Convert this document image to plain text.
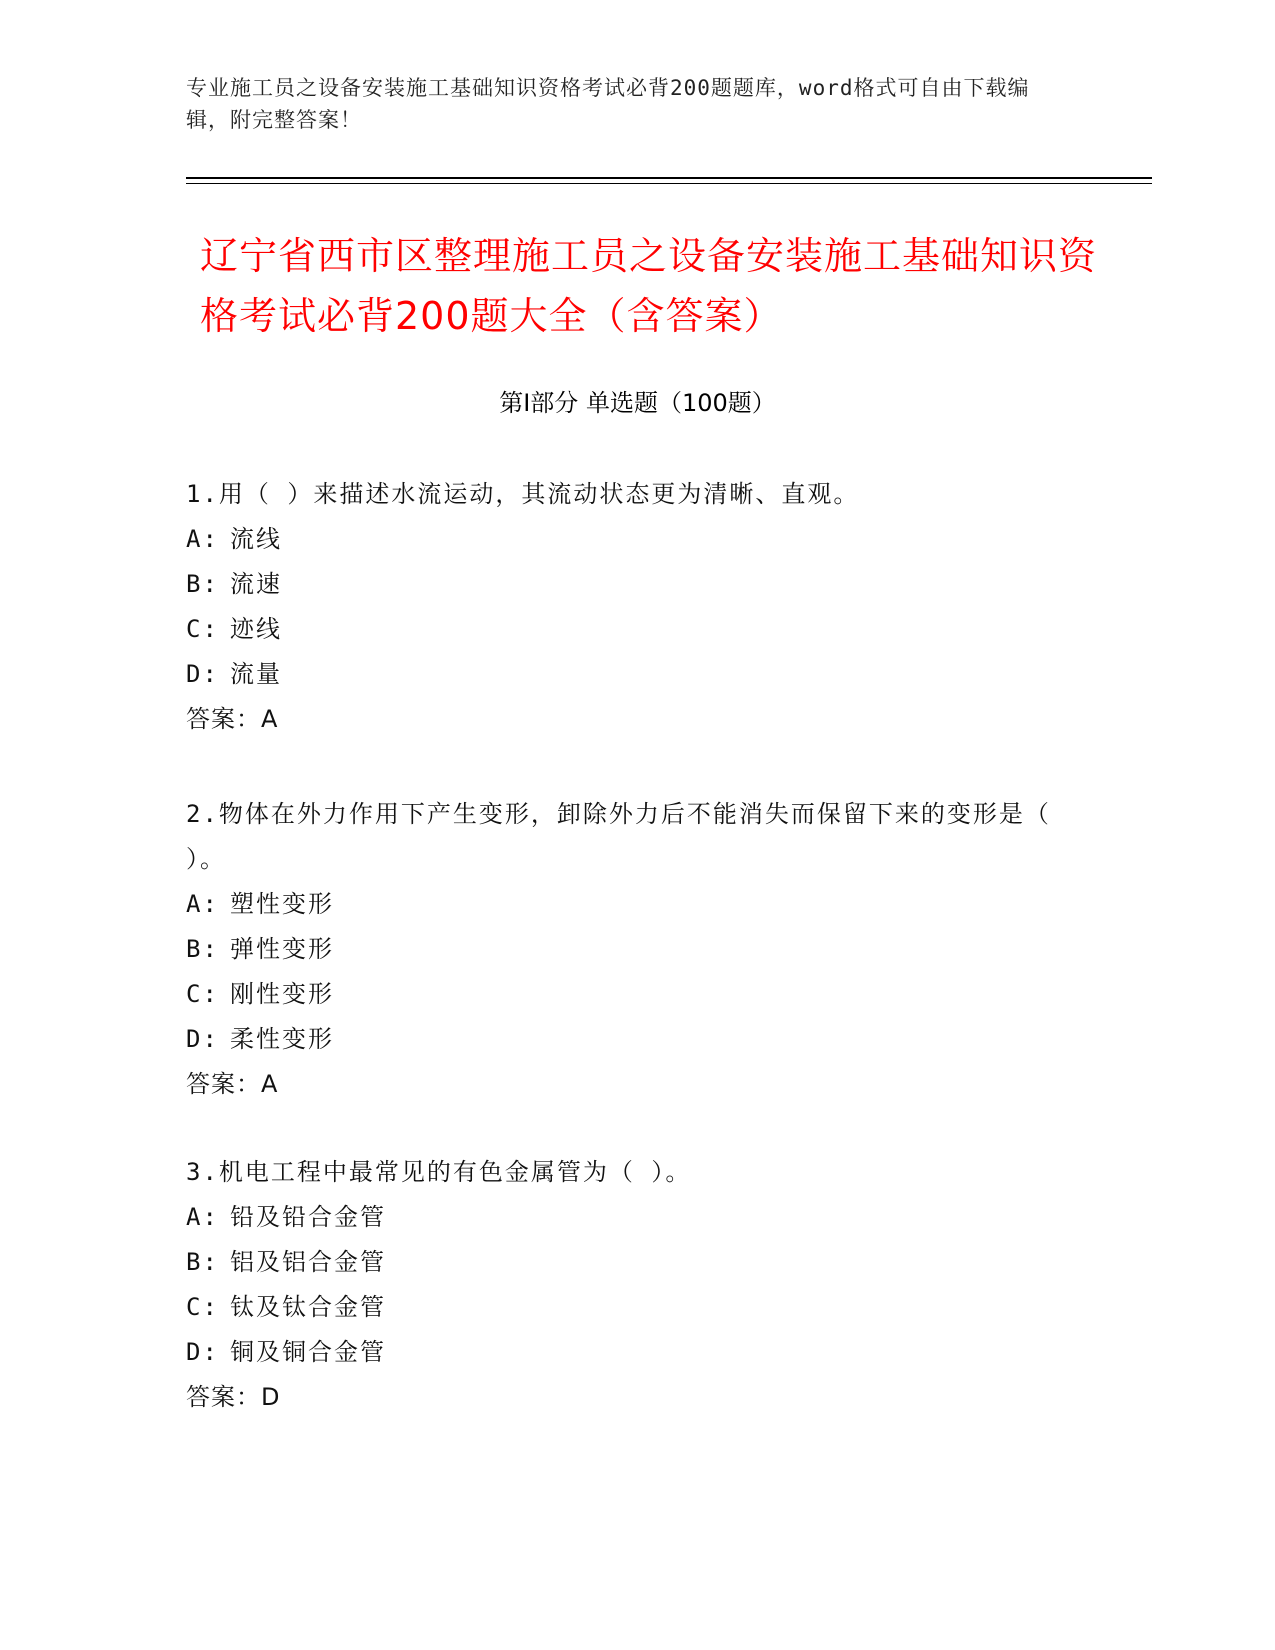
专业施工员之设备安装施工基础知识资格考试必背200题题库，word格式可自由下载编辑，附完整答案！
辽宁省西市区整理施工员之设备安装施工基础知识资格考试必背200题大全（含答案）
第I部分 单选题（100题）
1.用（ ）来描述水流运动，其流动状态更为清晰、直观。
A: 流线
B: 流速
C: 迹线
D: 流量
答案：A
2.物体在外力作用下产生变形，卸除外力后不能消失而保留下来的变形是（ ）。
A: 塑性变形
B: 弹性变形
C: 刚性变形
D: 柔性变形
答案：A
3.机电工程中最常见的有色金属管为（ ）。
A: 铅及铅合金管
B: 铝及铝合金管
C: 钛及钛合金管
D: 铜及铜合金管
答案：D
